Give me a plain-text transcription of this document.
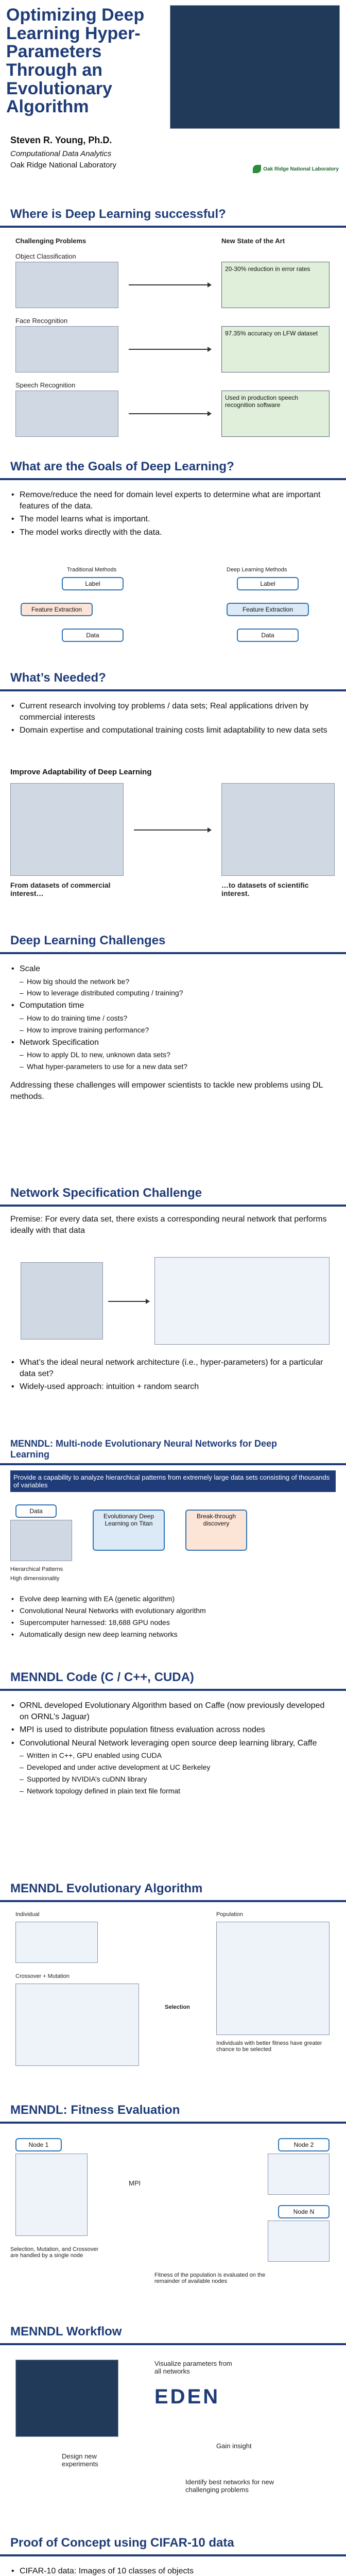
Optimizing Deep Learning Hyper-Parameters Through an Evolutionary Algorithm
Steven R. Young, Ph.D.
Computational Data Analytics
Oak Ridge National Laboratory	Oak Ridge National Laboratory
Where is Deep Learning successful?
Challenging Problems	New State of the Art
Object Classification
20-30% reduction in error rates
Face Recognition
97.35% accuracy on LFW dataset
Speech Recognition
Used in production speech recognition software
What are the Goals of Deep Learning?
• Remove/reduce the need for domain level experts to determine what are important features of the data.
• The model learns what is important.
• The model works directly with the data.
Traditional Methods	Deep Learning Methods
Label
Feature Extraction
Data
Label
Feature Extraction
Data
What’s Needed?
• Current research involving toy problems / data sets; Real applications driven by commercial interests
• Domain expertise and computational training costs limit adaptability to new data sets
Improve Adaptability of Deep Learning
From datasets of commercial interest…
…to datasets of scientific interest.
Deep Learning Challenges
• Scale
– How big should the network be?
– How to leverage distributed computing / training?
• Computation time
– How to do training time / costs?
– How to improve training performance?
• Network Specification
– How to apply DL to new, unknown data sets?
– What hyper-parameters to use for a new data set?

Addressing these challenges will empower scientists to tackle new problems using DL methods.

Network Specification Challenge
Premise: For every data set, there exists a corresponding neural network that performs ideally with that data
• What’s the ideal neural network architecture (i.e., hyper-parameters) for a particular data set?
• Widely-used approach: intuition + random search
MENNDL: Multi-node Evolutionary Neural Networks for Deep Learning
Provide a capability to analyze hierarchical patterns from extremely large data sets consisting of thousands of variables
Data
Hierarchical Patterns
High dimensionality
Evolutionary Deep Learning on Titan
Break-through discovery
• Evolve deep learning with EA (genetic algorithm)
• Convolutional Neural Networks with evolutionary algorithm
• Supercomputer harnessed: 18,688 GPU nodes
• Automatically design new deep learning networks
MENNDL Code (C / C++, CUDA)
• ORNL developed Evolutionary Algorithm based on Caffe (now previously developed on ORNL’s Jaguar)
• MPI is used to distribute population fitness evaluation across nodes
• Convolutional Neural Network leveraging open source deep learning library, Caffe
– Written in C++, GPU enabled using CUDA
– Developed and under active development at UC Berkeley
– Supported by NVIDIA’s cuDNN library
– Network topology defined in plain text file format
MENNDL Evolutionary Algorithm
Individual	Population
Crossover + Mutation
Selection
Individuals with better fitness have greater chance to be selected
MENNDL: Fitness Evaluation
Node 1
MPI
Node 2
Node N
Selection, Mutation, and Crossover are handled by a single node
Fitness of the population is evaluated on the remainder of available nodes
MENNDL Workflow
Visualize parameters from all networks
EDEN
Design new experiments
Gain insight
Identify best networks for new challenging problems
Proof of Concept using CIFAR-10 data
• CIFAR-10 data: Images of 10 classes of objects
